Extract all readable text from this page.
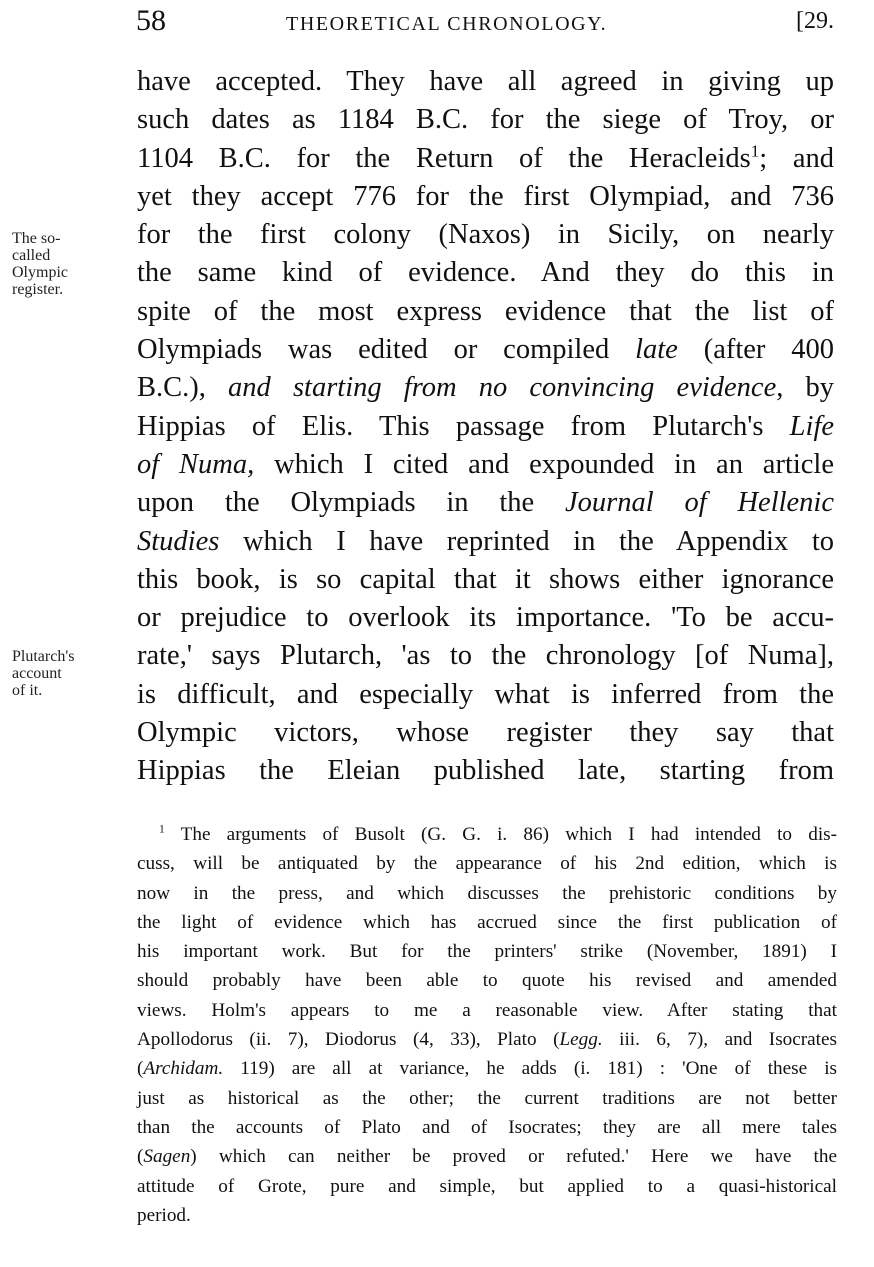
58	THEORETICAL CHRONOLOGY.	[29.
The so-
called
Olympic
register.
Plutarch's
account
of it.
have accepted. They have all agreed in giving up
such dates as 1184 B.C. for the siege of Troy, or
1104 B.C. for the Return of the Heracleids$^1$; and
yet they accept 776 for the first Olympiad, and 736
for the first colony (Naxos) in Sicily, on nearly
the same kind of evidence. And they do this in
spite of the most express evidence that the list of
Olympiads was edited or compiled late (after 400
B.C.), and starting from no convincing evidence, by
Hippias of Elis. This passage from Plutarch's Life
of Numa, which I cited and expounded in an article
upon the Olympiads in the Journal of Hellenic
Studies which I have reprinted in the Appendix to
this book, is so capital that it shows either ignorance
or prejudice to overlook its importance. 'To be accu-
rate,' says Plutarch, 'as to the chronology [of Numa],
is difficult, and especially what is inferred from the
Olympic victors, whose register they say that
Hippias the Eleian published late, starting from
$^1$ The arguments of Busolt (G. G. i. 86) which I had intended to dis-
cuss, will be antiquated by the appearance of his 2nd edition, which is
now in the press, and which discusses the prehistoric conditions by
the light of evidence which has accrued since the first publication of
his important work. But for the printers' strike (November, 1891) I
should probably have been able to quote his revised and amended
views. Holm's appears to me a reasonable view. After stating that
Apollodorus (ii. 7), Diodorus (4, 33), Plato (Legg. iii. 6, 7), and Isocrates
(Archidam. 119) are all at variance, he adds (i. 181) : 'One of these is
just as historical as the other; the current traditions are not better
than the accounts of Plato and of Isocrates; they are all mere tales
(Sagen) which can neither be proved or refuted.' Here we have the
attitude of Grote, pure and simple, but applied to a quasi-historical
period.
